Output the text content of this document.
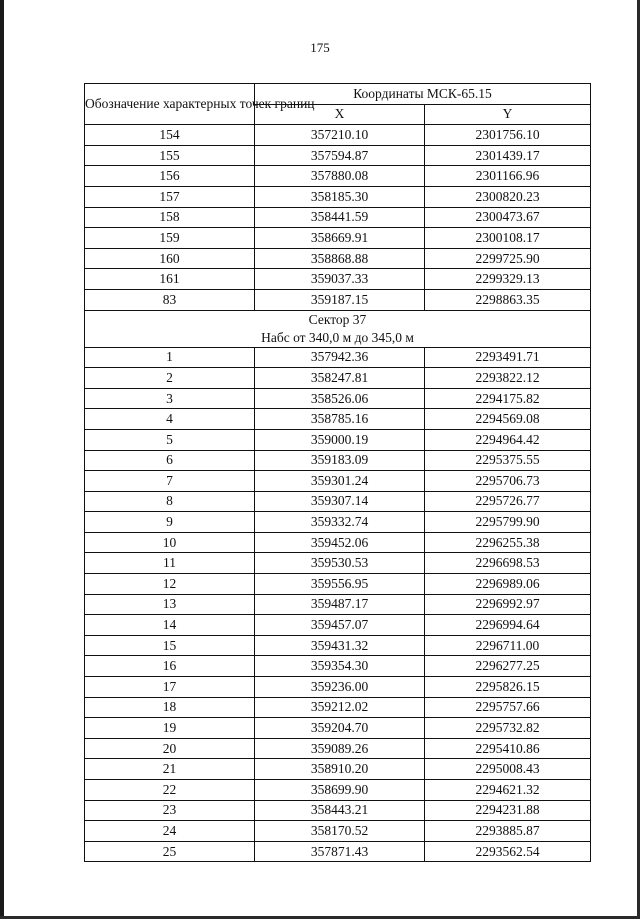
175
Обозначение характерных точек границ	Координаты МСК-65.15	
	X	Y
154	357210.10	2301756.10
155	357594.87	2301439.17
156	357880.08	2301166.96
157	358185.30	2300820.23
158	358441.59	2300473.67
159	358669.91	2300108.17
160	358868.88	2299725.90
161	359037.33	2299329.13
83	359187.15	2298863.35

Сектор 37
Набс от 340,0 м до 345,0 м		

1	357942.36	2293491.71
2	358247.81	2293822.12
3	358526.06	2294175.82
4	358785.16	2294569.08
5	359000.19	2294964.42
6	359183.09	2295375.55
7	359301.24	2295706.73
8	359307.14	2295726.77
9	359332.74	2295799.90
10	359452.06	2296255.38
11	359530.53	2296698.53
12	359556.95	2296989.06
13	359487.17	2296992.97
14	359457.07	2296994.64
15	359431.32	2296711.00
16	359354.30	2296277.25
17	359236.00	2295826.15
18	359212.02	2295757.66
19	359204.70	2295732.82
20	359089.26	2295410.86
21	358910.20	2295008.43
22	358699.90	2294621.32
23	358443.21	2294231.88
24	358170.52	2293885.87
25	357871.43	2293562.54
